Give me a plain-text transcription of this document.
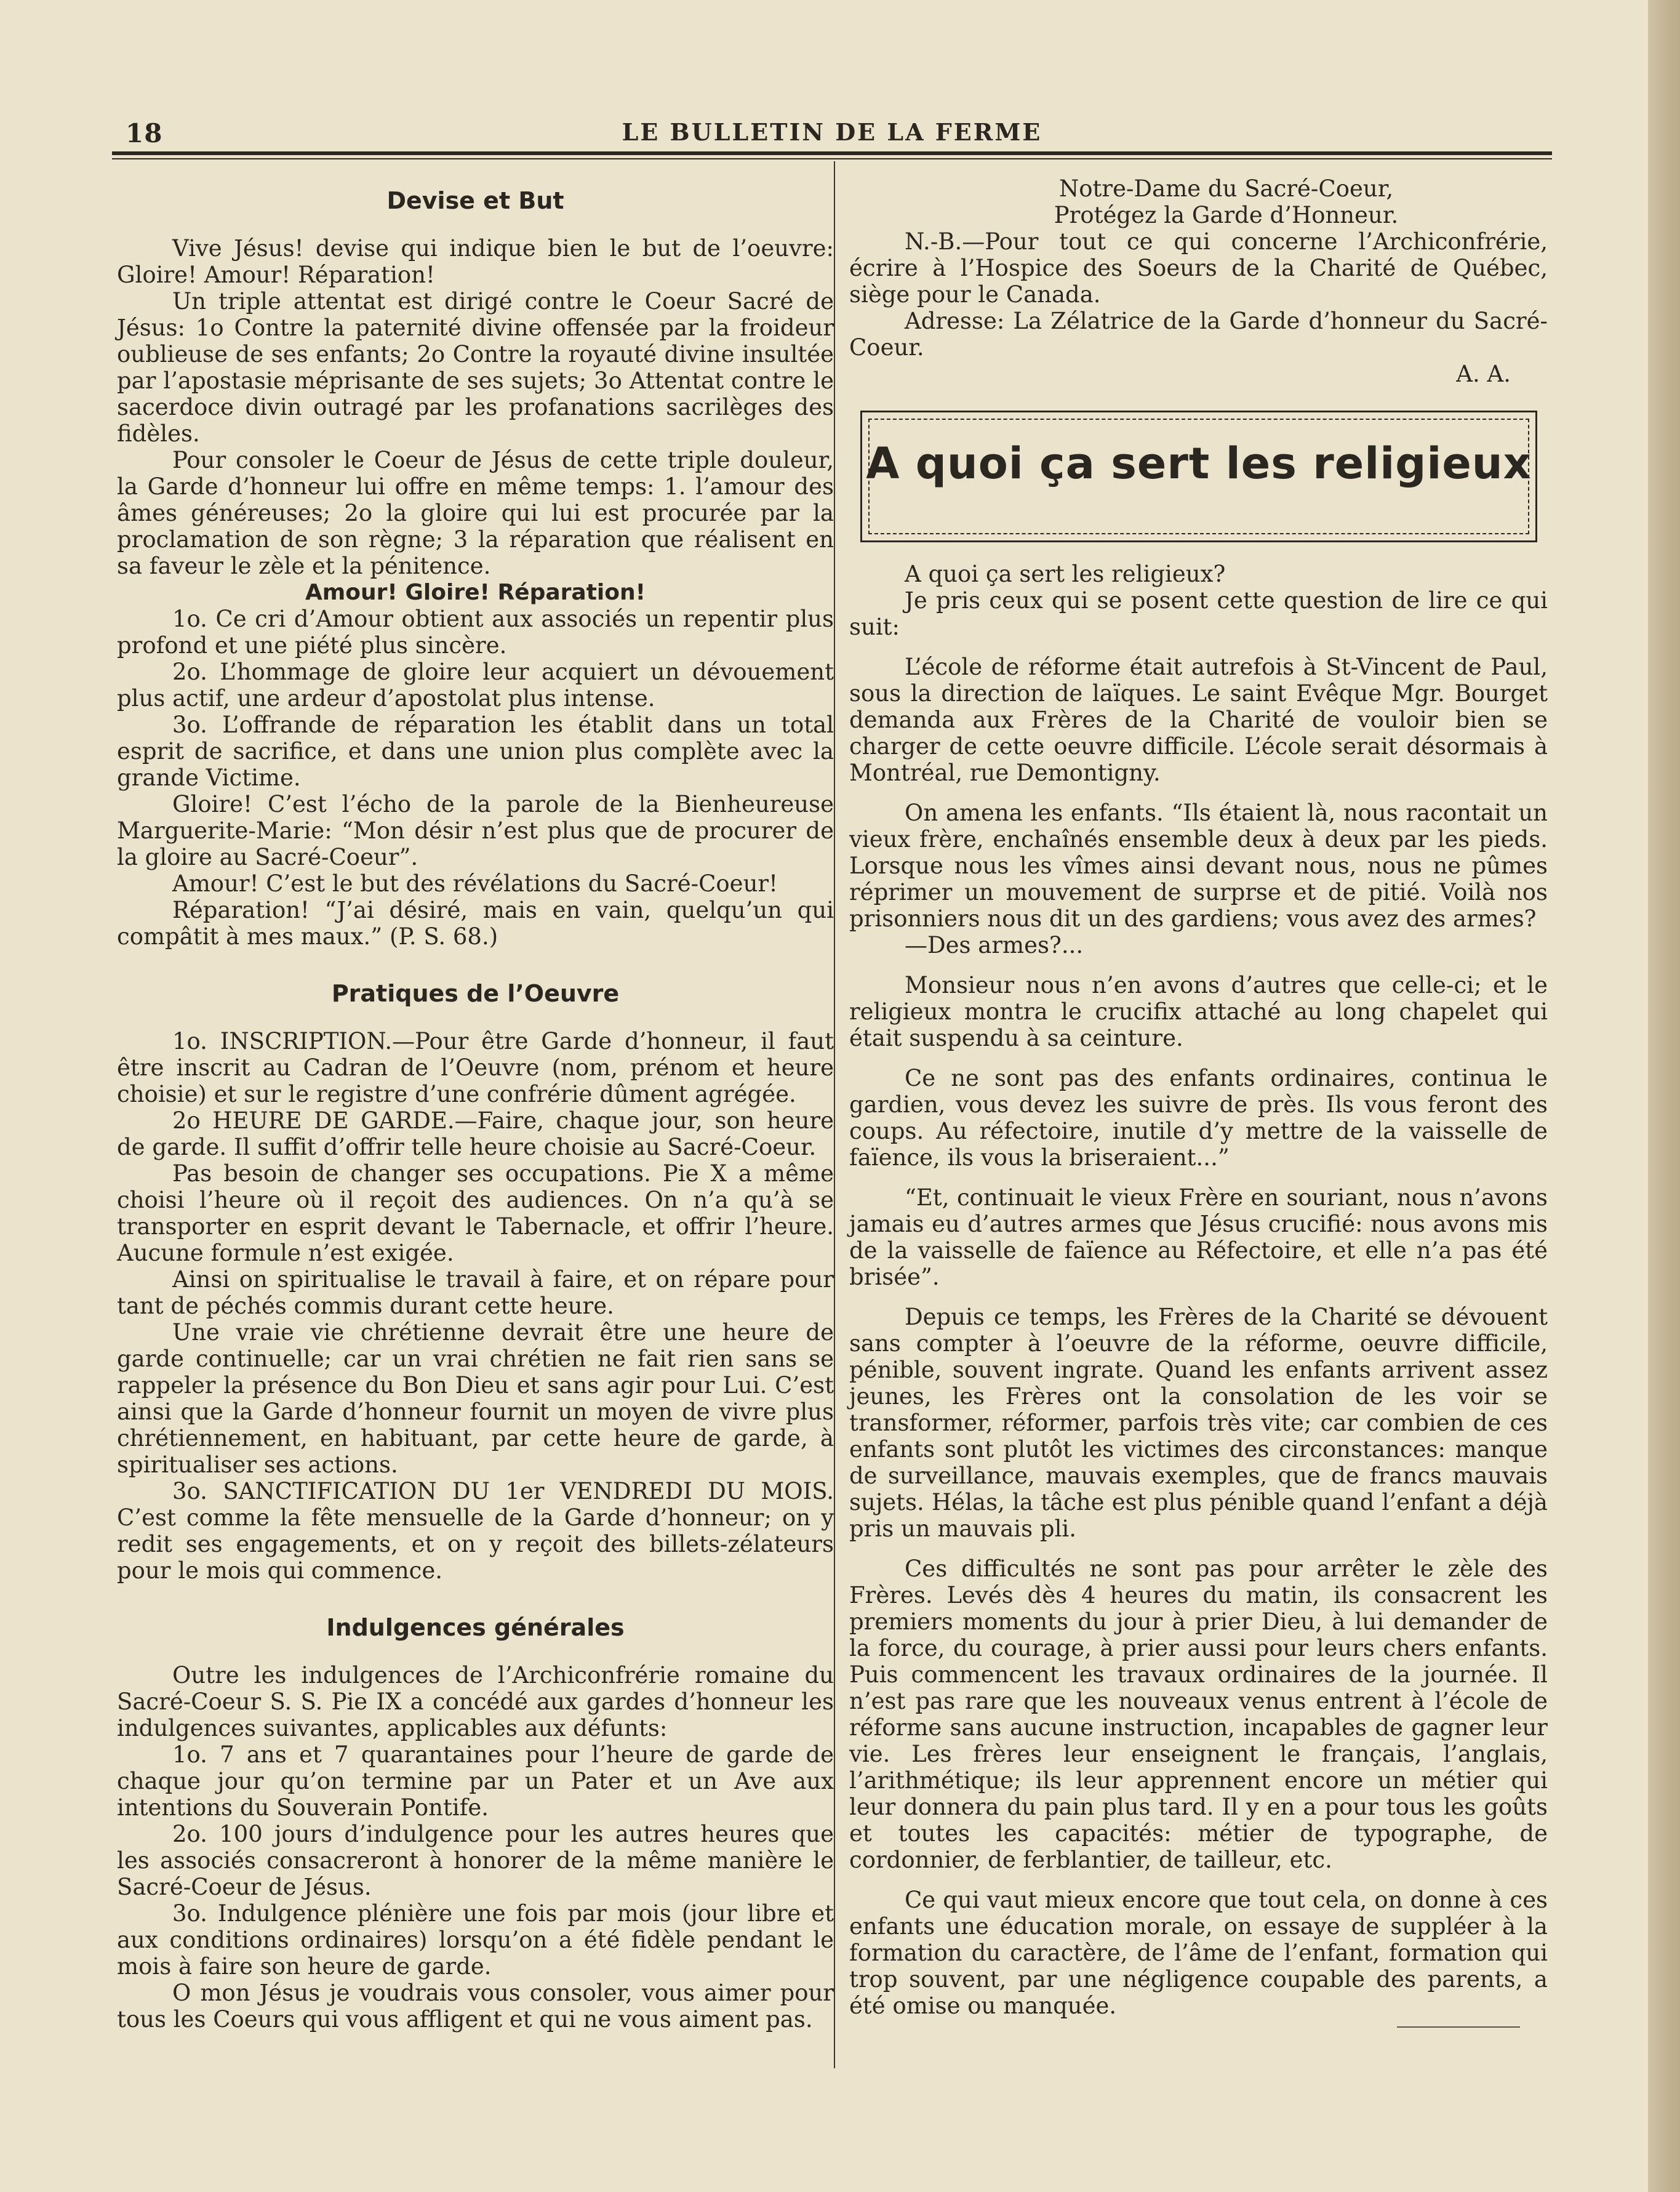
18	LE BULLETIN DE LA FERME
Devise et But

Vive Jésus! devise qui indique bien le but de l’oeuvre: Gloire! Amour! Réparation!

Un triple attentat est dirigé contre le Coeur Sacré de Jésus: 1o Contre la paternité divine offensée par la froideur oublieuse de ses enfants; 2o Contre la royauté divine insultée par l’apostasie méprisante de ses sujets; 3o Attentat contre le sacerdoce divin outragé par les profanations sacrilèges des fidèles.

Pour consoler le Coeur de Jésus de cette triple douleur, la Garde d’honneur lui offre en même temps: 1. l’amour des âmes généreuses; 2o la gloire qui lui est procurée par la proclamation de son règne; 3 la réparation que réalisent en sa faveur le zèle et la pénitence.

Amour! Gloire! Réparation!

1o. Ce cri d’Amour obtient aux associés un repentir plus profond et une piété plus sincère.

2o. L’hommage de gloire leur acquiert un dévouement plus actif, une ardeur d’apostolat plus intense.

3o. L’offrande de réparation les établit dans un total esprit de sacrifice, et dans une union plus complète avec la grande Victime.

Gloire! C’est l’écho de la parole de la Bienheureuse Marguerite-Marie: “Mon désir n’est plus que de procurer de la gloire au Sacré-Coeur”.

Amour! C’est le but des révélations du Sacré-Coeur!

Réparation! “J’ai désiré, mais en vain, quelqu’un qui compâtit à mes maux.” (P. S. 68.)

Pratiques de l’Oeuvre

1o. INSCRIPTION.—Pour être Garde d’honneur, il faut être inscrit au Cadran de l’Oeuvre (nom, prénom et heure choisie) et sur le registre d’une confrérie dûment agrégée.

2o HEURE DE GARDE.—Faire, chaque jour, son heure de garde. Il suffit d’offrir telle heure choisie au Sacré-Coeur.

Pas besoin de changer ses occupations. Pie X a même choisi l’heure où il reçoit des audiences. On n’a qu’à se transporter en esprit devant le Tabernacle, et offrir l’heure. Aucune formule n’est exigée.

Ainsi on spiritualise le travail à faire, et on répare pour tant de péchés commis durant cette heure.

Une vraie vie chrétienne devrait être une heure de garde continuelle; car un vrai chrétien ne fait rien sans se rappeler la présence du Bon Dieu et sans agir pour Lui. C’est ainsi que la Garde d’honneur fournit un moyen de vivre plus chrétiennement, en habituant, par cette heure de garde, à spiritualiser ses actions.

3o. SANCTIFICATION DU 1er VENDREDI DU MOIS. C’est comme la fête mensuelle de la Garde d’honneur; on y redit ses engagements, et on y reçoit des billets-zélateurs pour le mois qui commence.

Indulgences générales

Outre les indulgences de l’Archiconfrérie romaine du Sacré-Coeur S. S. Pie IX a concédé aux gardes d’honneur les indulgences suivantes, applicables aux défunts:

1o. 7 ans et 7 quarantaines pour l’heure de garde de chaque jour qu’on termine par un Pater et un Ave aux intentions du Souverain Pontife.

2o. 100 jours d’indulgence pour les autres heures que les associés consacreront à honorer de la même manière le Sacré-Coeur de Jésus.

3o. Indulgence plénière une fois par mois (jour libre et aux conditions ordinaires) lorsqu’on a été fidèle pendant le mois à faire son heure de garde.

O mon Jésus je voudrais vous consoler, vous aimer pour tous les Coeurs qui vous affligent et qui ne vous aiment pas.

Notre-Dame du Sacré-Coeur,

Protégez la Garde d’Honneur.

N.-B.—Pour tout ce qui concerne l’Archiconfrérie, écrire à l’Hospice des Soeurs de la Charité de Québec, siège pour le Canada.

Adresse: La Zélatrice de la Garde d’honneur du Sacré-Coeur.

A. A.

A quoi ça sert les religieux

A quoi ça sert les religieux?

Je pris ceux qui se posent cette question de lire ce qui suit:

L’école de réforme était autrefois à St-Vincent de Paul, sous la direction de laïques. Le saint Evêque Mgr. Bourget demanda aux Frères de la Charité de vouloir bien se charger de cette oeuvre difficile. L’école serait désormais à Montréal, rue Demontigny.

On amena les enfants. “Ils étaient là, nous racontait un vieux frère, enchaînés ensemble deux à deux par les pieds. Lorsque nous les vîmes ainsi devant nous, nous ne pûmes réprimer un mouvement de surprse et de pitié. Voilà nos prisonniers nous dit un des gardiens; vous avez des armes?

—Des armes?...

Monsieur nous n’en avons d’autres que celle-ci; et le religieux montra le crucifix attaché au long chapelet qui était suspendu à sa ceinture.

Ce ne sont pas des enfants ordinaires, continua le gardien, vous devez les suivre de près. Ils vous feront des coups. Au réfectoire, inutile d’y mettre de la vaisselle de faïence, ils vous la briseraient...”

“Et, continuait le vieux Frère en souriant, nous n’avons jamais eu d’autres armes que Jésus crucifié: nous avons mis de la vaisselle de faïence au Réfectoire, et elle n’a pas été brisée”.

Depuis ce temps, les Frères de la Charité se dévouent sans compter à l’oeuvre de la réforme, oeuvre difficile, pénible, souvent ingrate. Quand les enfants arrivent assez jeunes, les Frères ont la consolation de les voir se transformer, réformer, parfois très vite; car combien de ces enfants sont plutôt les victimes des circonstances: manque de surveillance, mauvais exemples, que de francs mauvais sujets. Hélas, la tâche est plus pénible quand l’enfant a déjà pris un mauvais pli.

Ces difficultés ne sont pas pour arrêter le zèle des Frères. Levés dès 4 heures du matin, ils consacrent les premiers moments du jour à prier Dieu, à lui demander de la force, du courage, à prier aussi pour leurs chers enfants. Puis commencent les travaux ordinaires de la journée. Il n’est pas rare que les nouveaux venus entrent à l’école de réforme sans aucune instruction, incapables de gagner leur vie. Les frères leur enseignent le français, l’anglais, l’arithmétique; ils leur apprennent encore un métier qui leur donnera du pain plus tard. Il y en a pour tous les goûts et toutes les capacités: métier de typographe, de cordonnier, de ferblantier, de tailleur, etc.

Ce qui vaut mieux encore que tout cela, on donne à ces enfants une éducation morale, on essaye de suppléer à la formation du caractère, de l’âme de l’enfant, formation qui trop souvent, par une négligence coupable des parents, a été omise ou manquée.
